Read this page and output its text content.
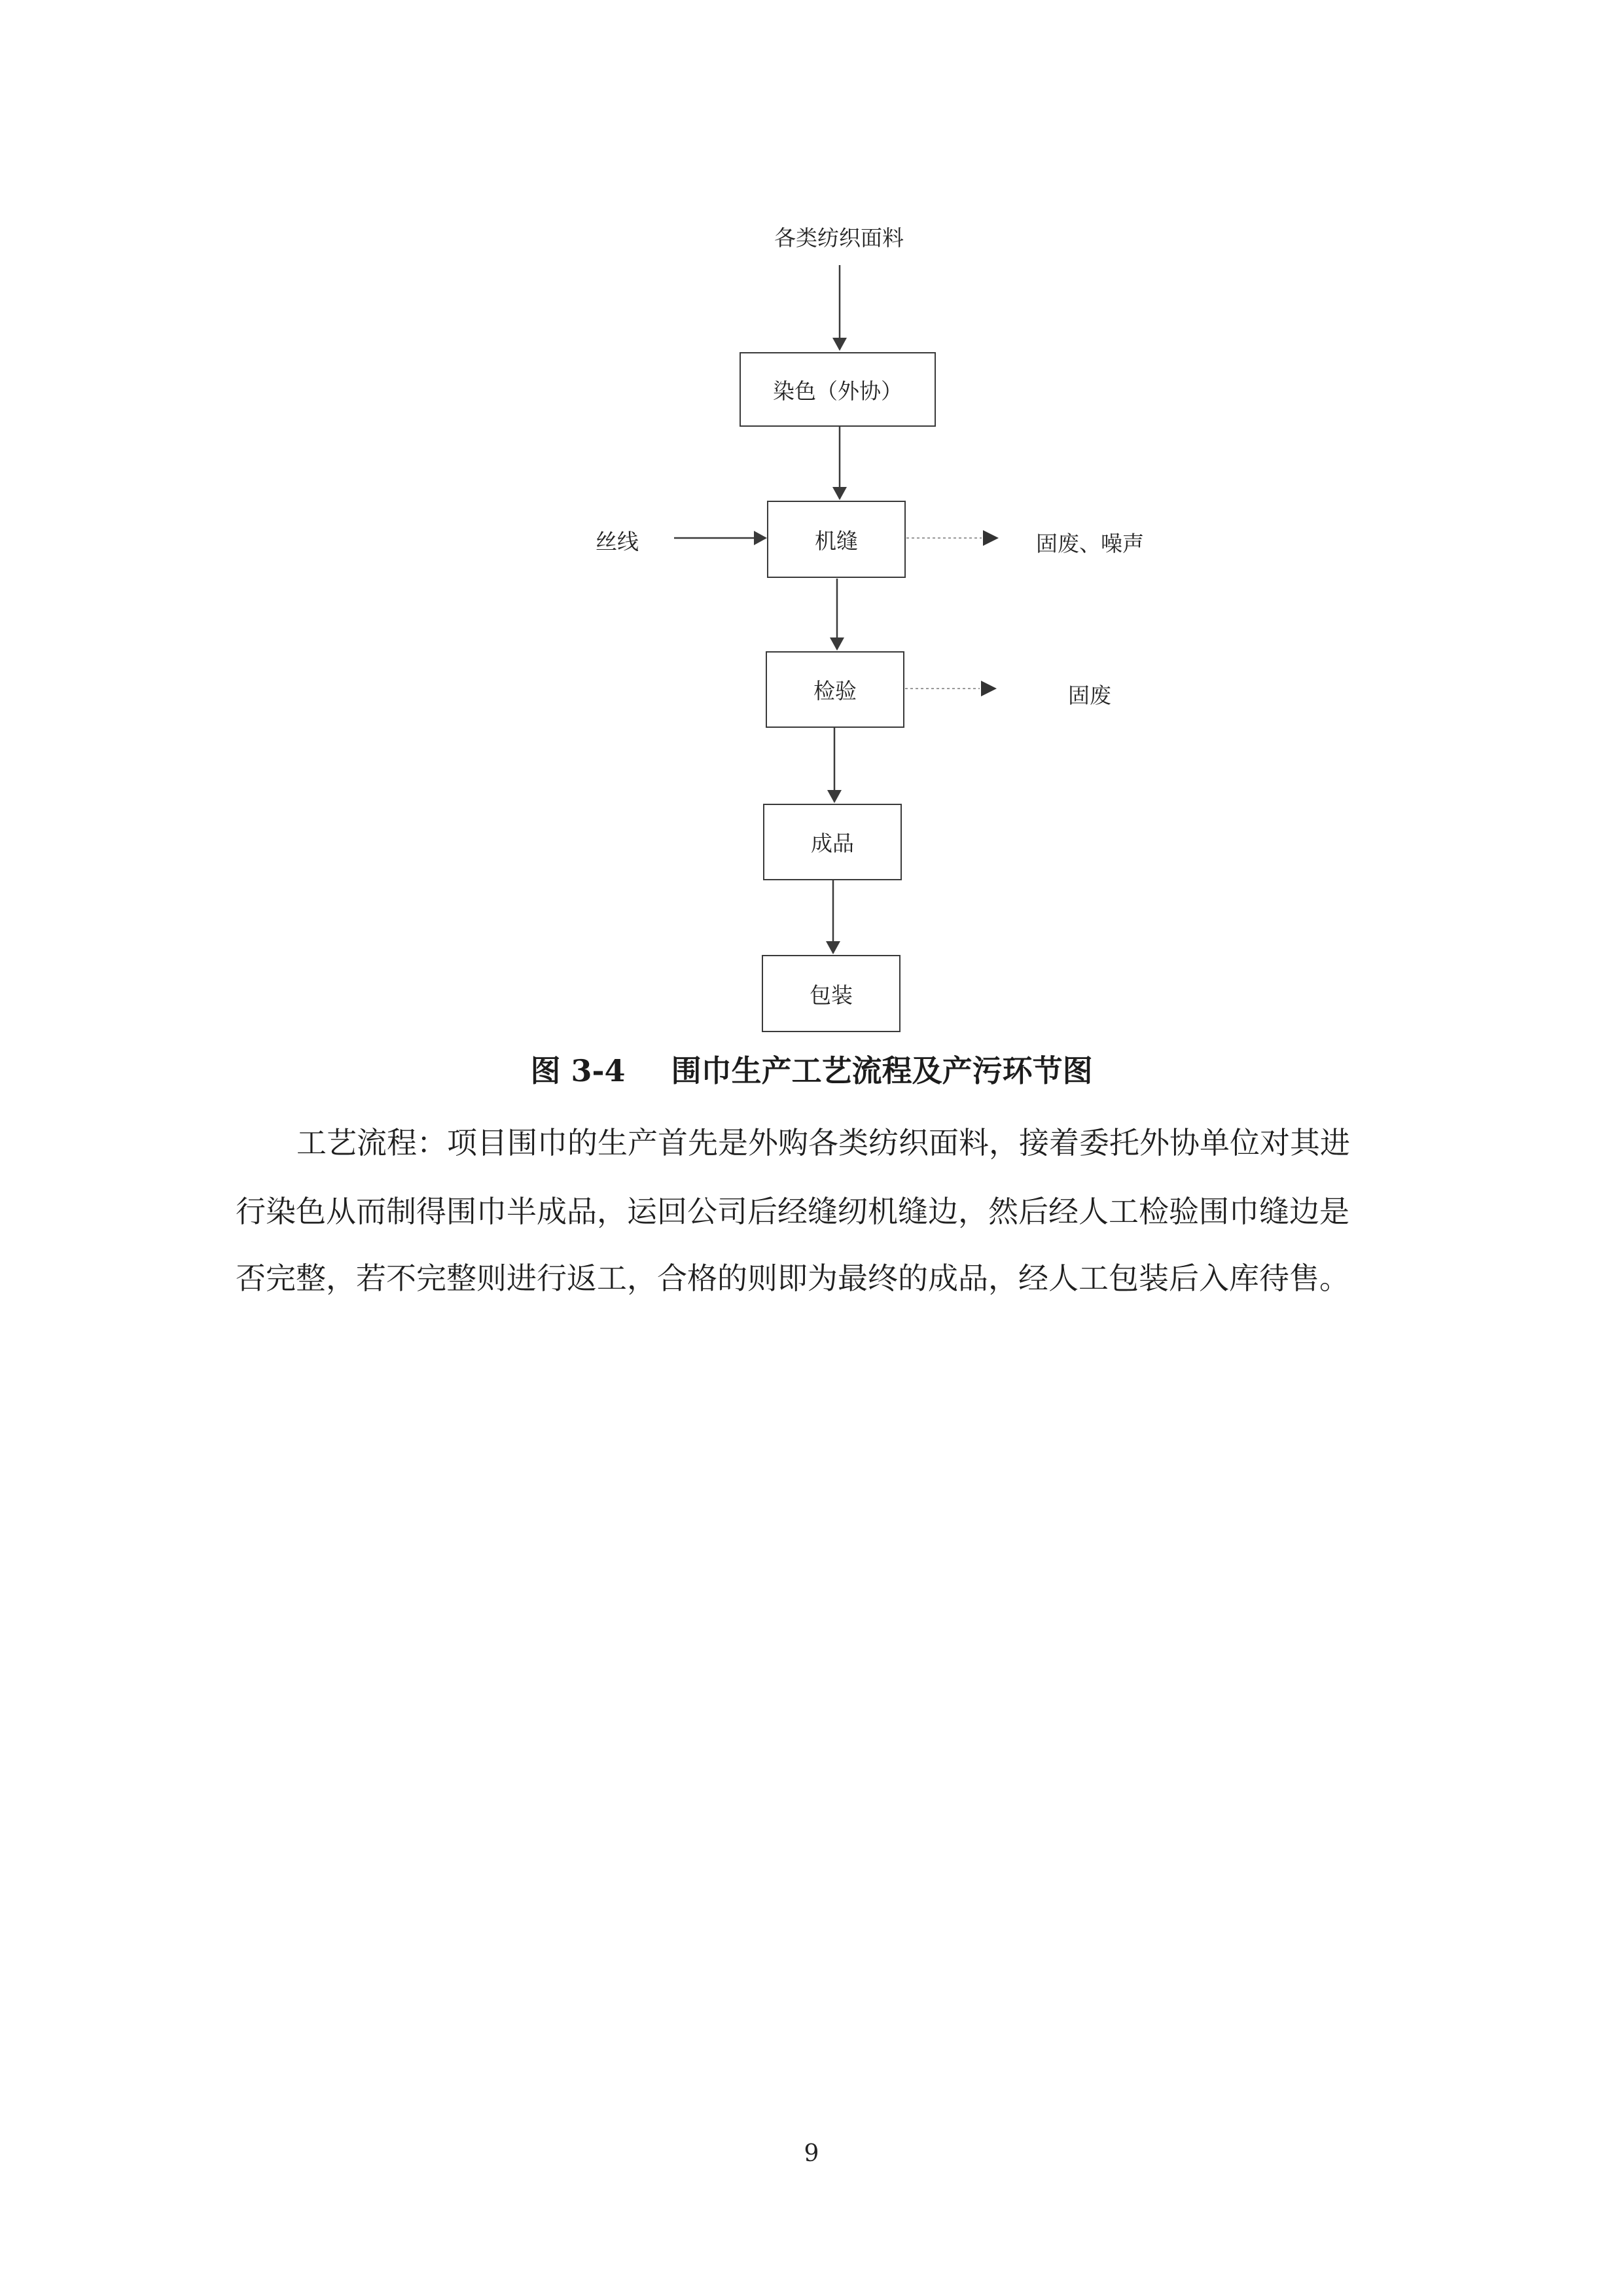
各类纺织面料
染色（外协）
丝线	机缝	固废、噪声
检验	固废
成品
包装
图 3-4 围巾生产工艺流程及产污环节图
工艺流程：项目围巾的生产首先是外购各类纺织面料，接着委托外协单位对其进
行染色从而制得围巾半成品，运回公司后经缝纫机缝边，然后经人工检验围巾缝边是
否完整，若不完整则进行返工，合格的则即为最终的成品，经人工包装后入库待售。
9
